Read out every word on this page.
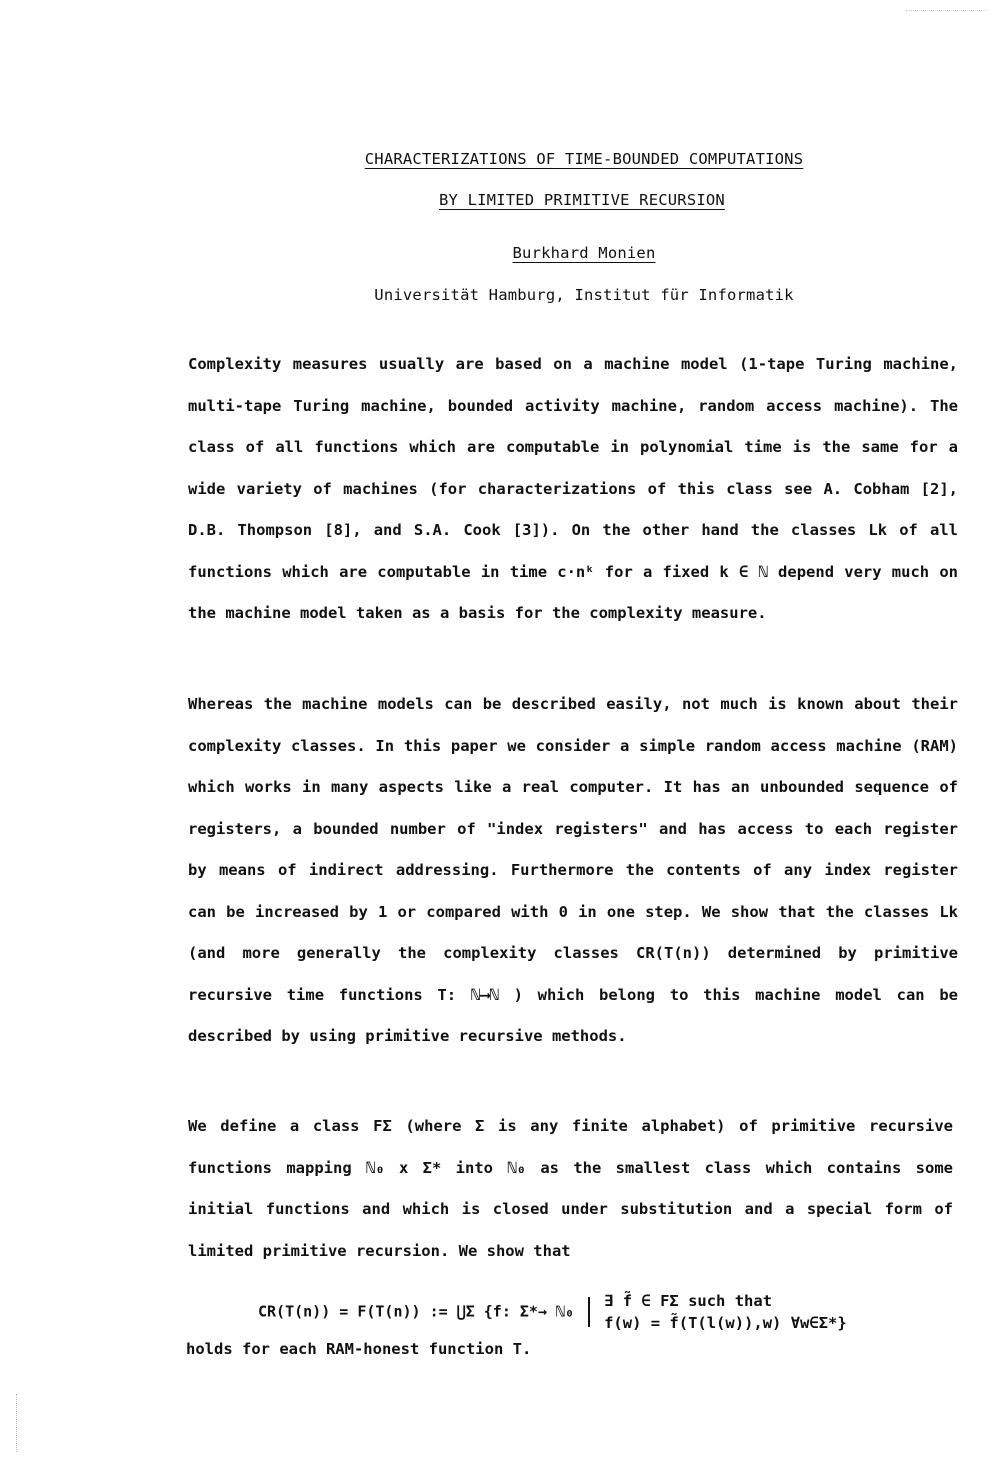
CHARACTERIZATIONS OF TIME-BOUNDED COMPUTATIONS
BY LIMITED PRIMITIVE RECURSION
Burkhard Monien
Universität Hamburg, Institut für Informatik
Complexity measures usually are based on a machine model (1-tape Turing machine, multi-tape Turing machine, bounded activity machine, random access machine). The class of all functions which are computable in polynomial time is the same for a wide variety of machines (for characterizations of this class see A. Cobham [2], D.B. Thompson [8], and S.A. Cook [3]). On the other hand the classes Lk of all functions which are computable in time c·nᵏ for a fixed k ∈ ℕ depend very much on the machine model taken as a basis for the complexity measure.
Whereas the machine models can be described easily, not much is known about their complexity classes. In this paper we consider a simple random access machine (RAM) which works in many aspects like a real computer. It has an unbounded sequence of registers, a bounded number of "index registers" and has access to each register by means of indirect addressing. Furthermore the contents of any index register can be increased by 1 or compared with 0 in one step. We show that the classes Lk (and more generally the complexity classes CR(T(n)) determined by primitive recursive time functions T: ℕ⟶ℕ ) which belong to this machine model can be described by using primitive recursive methods.
We define a class FΣ (where Σ is any finite alphabet) of primitive recursive functions mapping ℕ₀ x Σ* into ℕ₀ as the smallest class which contains some initial functions and which is closed under substitution and a special form of limited primitive recursion. We show that
CR(T(n)) = F(T(n)) := ⋃Σ {f: Σ*→ ℕ₀∃ f̃ ∈ FΣ such that
f(w) = f̃(T(l(w)),w) ∀w∈Σ*}
holds for each RAM-honest function T.
